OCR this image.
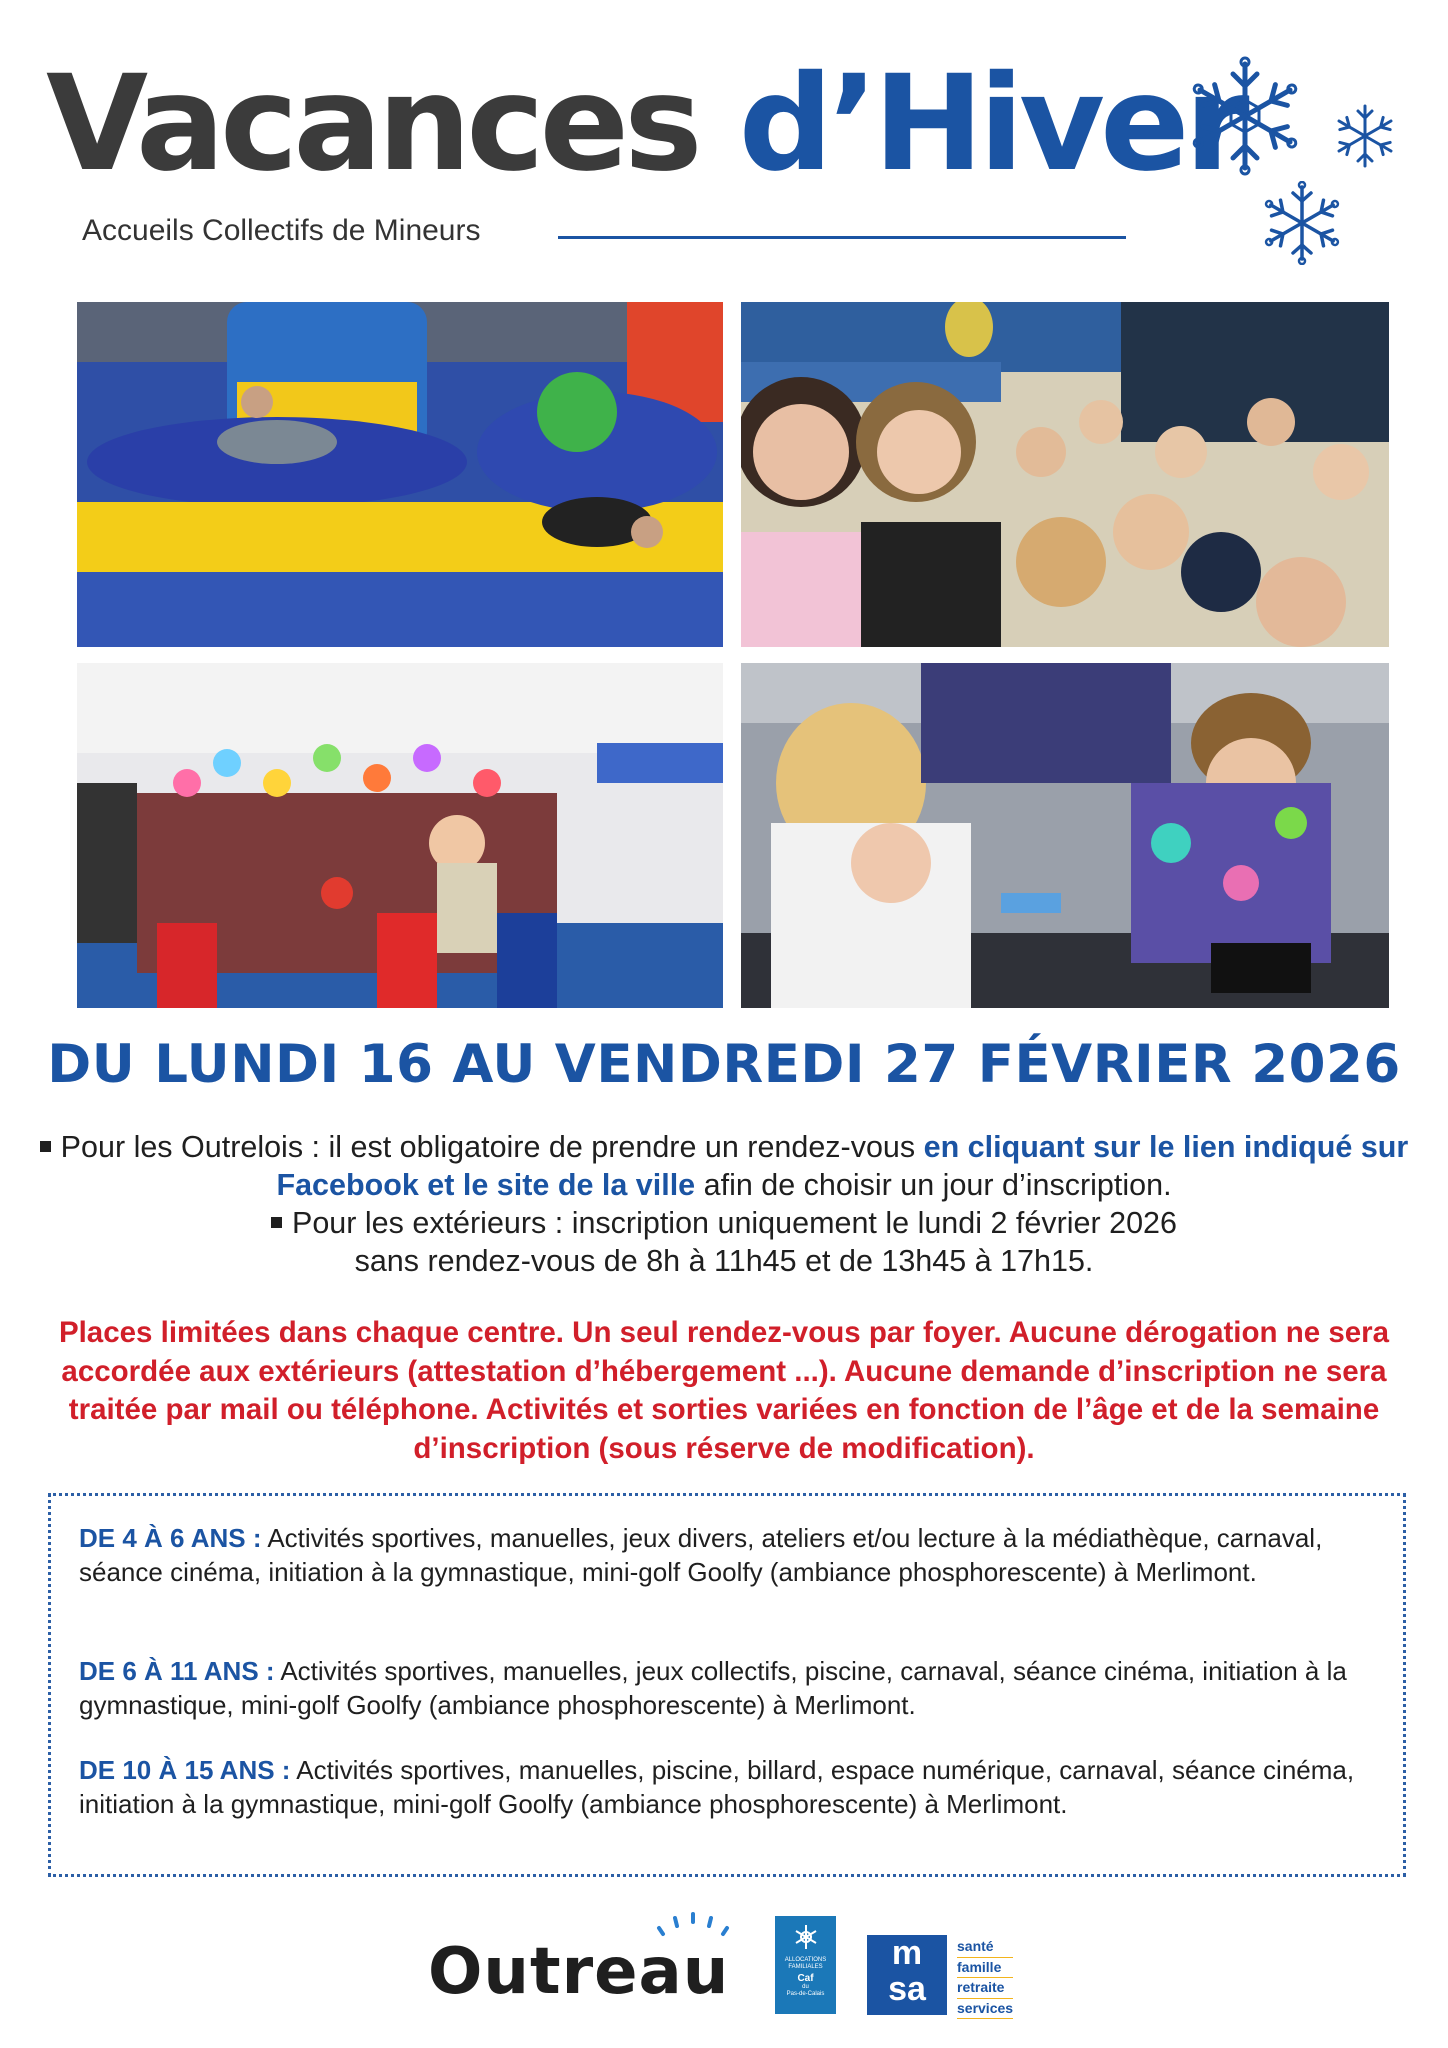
Vacances d’Hiver
Accueils Collectifs de Mineurs
DU LUNDI 16 AU VENDREDI 27 FÉVRIER 2026
Pour les Outrelois : il est obligatoire de prendre un rendez-vous en cliquant sur le lien indiqué sur Facebook et le site de la ville afin de choisir un jour d’inscription.
Pour les extérieurs : inscription uniquement le lundi 2 février 2026
sans rendez-vous de 8h à 11h45 et de 13h45 à 17h15.
Places limitées dans chaque centre. Un seul rendez-vous par foyer. Aucune dérogation ne sera accordée aux extérieurs (attestation d’hébergement ...). Aucune demande d’inscription ne sera traitée par mail ou téléphone. Activités et sorties variées en fonction de l’âge et de la semaine d’inscription (sous réserve de modification).
DE 4 À 6 ANS : Activités sportives, manuelles, jeux divers, ateliers et/ou lecture à la médiathèque, carnaval, séance cinéma, initiation à la gymnastique, mini-golf Goolfy (ambiance phosphorescente) à Merlimont.
DE 6 À 11 ANS : Activités sportives, manuelles, jeux collectifs, piscine, carnaval, séance cinéma, initiation à la gymnastique, mini-golf Goolfy (ambiance phosphorescente) à Merlimont.
DE 10 À 15 ANS : Activités sportives, manuelles, piscine, billard, espace numérique, carnaval, séance cinéma, initiation à la gymnastique, mini-golf Goolfy (ambiance phosphorescente) à Merlimont.
Outreau	ALLOCATIONS
FAMILIALES
Caf
du
Pas-de-Calais
m
sa
santé
famille
retraite
services
